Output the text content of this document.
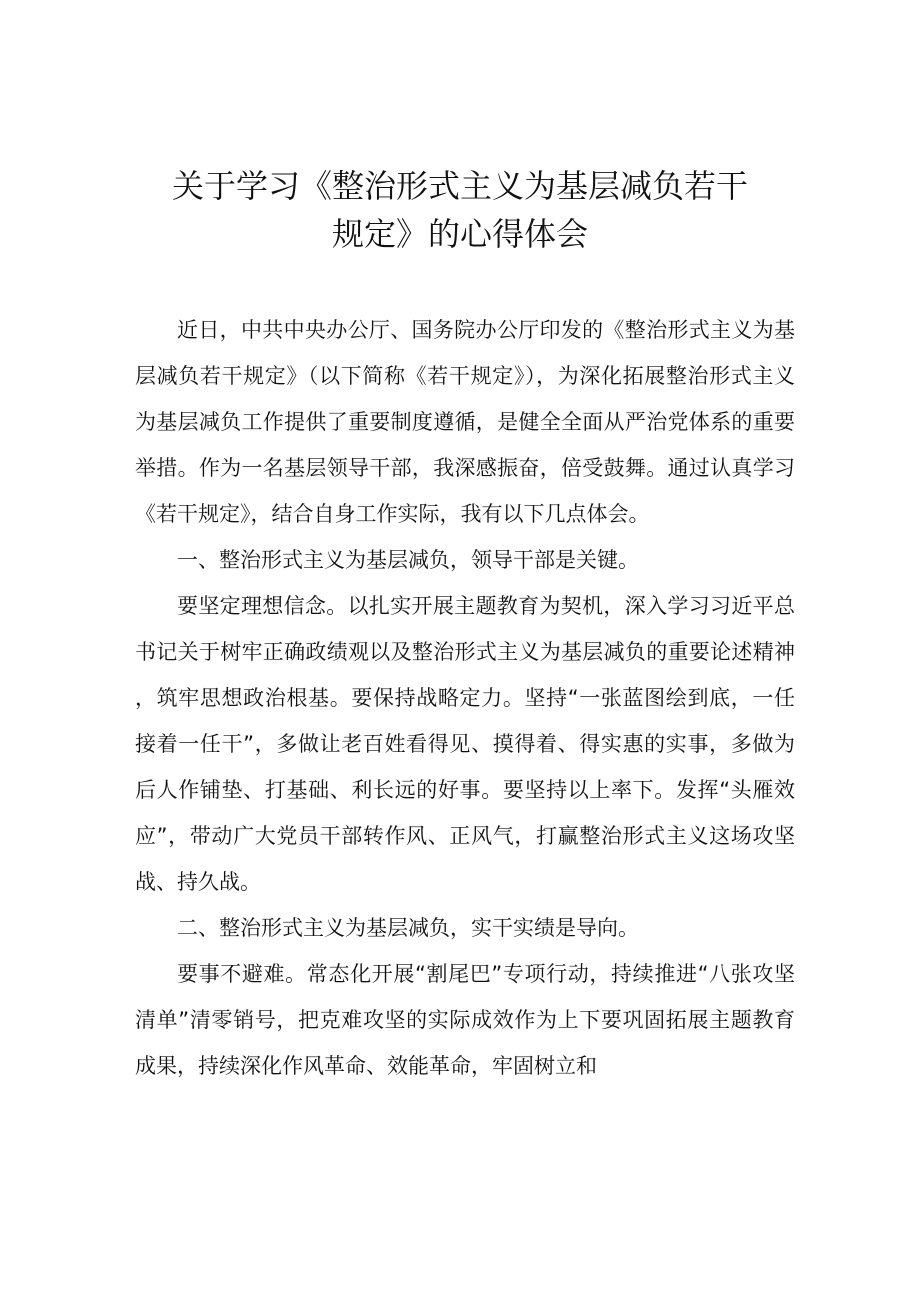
关于学习《整治形式主义为基层减负若干
规定》的心得体会

近日，中共中央办公厅、国务院办公厅印发的《整治形式主义为基层减负若干规定》（以下简称《若干规定》），为深化拓展整治形式主义为基层减负工作提供了重要制度遵循，是健全全面从严治党体系的重要举措。作为一名基层领导干部，我深感振奋，倍受鼓舞。通过认真学习《若干规定》，结合自身工作实际，我有以下几点体会。

一、整治形式主义为基层减负，领导干部是关键。

要坚定理想信念。以扎实开展主题教育为契机，深入学习习近平总书记关于树牢正确政绩观以及整治形式主义为基层减负的重要论述精神，筑牢思想政治根基。要保持战略定力。坚持“一张蓝图绘到底，一任接着一任干”，多做让老百姓看得见、摸得着、得实惠的实事，多做为后人作铺垫、打基础、利长远的好事。要坚持以上率下。发挥“头雁效应”，带动广大党员干部转作风、正风气，打赢整治形式主义这场攻坚战、持久战。

二、整治形式主义为基层减负，实干实绩是导向。

要事不避难。常态化开展“割尾巴”专项行动，持续推进“八张攻坚清单”清零销号，把克难攻坚的实际成效作为上下要巩固拓展主题教育成果，持续深化作风革命、效能革命，牢固树立和
